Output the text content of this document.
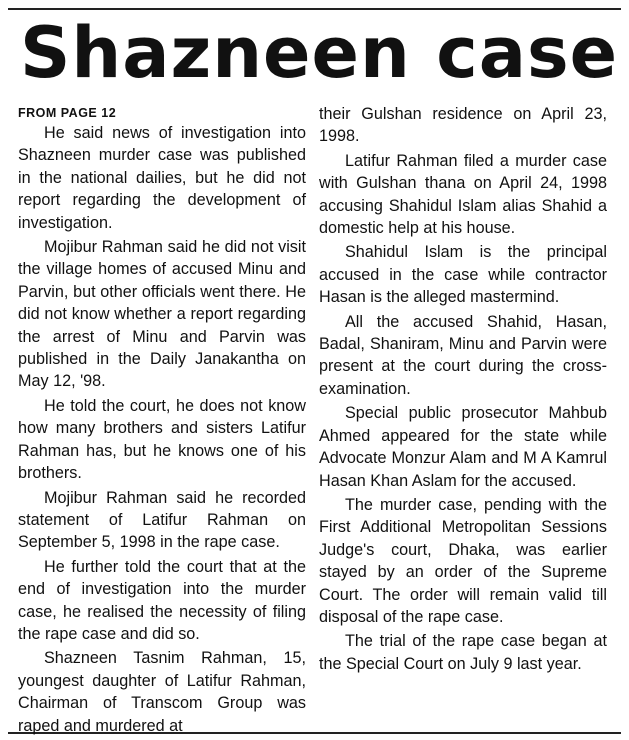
Shazneen case
FROM PAGE 12

He said news of investigation into Shazneen murder case was published in the national dailies, but he did not report regarding the development of investigation.

Mojibur Rahman said he did not visit the village homes of accused Minu and Parvin, but other officials went there. He did not know whether a report regarding the arrest of Minu and Parvin was published in the Daily Janakantha on May 12, '98.

He told the court, he does not know how many brothers and sisters Latifur Rahman has, but he knows one of his brothers.

Mojibur Rahman said he recorded statement of Latifur Rahman on September 5, 1998 in the rape case.

He further told the court that at the end of investigation into the murder case, he realised the necessity of filing the rape case and did so.

Shazneen Tasnim Rahman, 15, youngest daughter of Latifur Rahman, Chairman of Transcom Group was raped and murdered at

their Gulshan residence on April 23, 1998.

Latifur Rahman filed a murder case with Gulshan thana on April 24, 1998 accusing Shahidul Islam alias Shahid a domestic help at his house.

Shahidul Islam is the principal accused in the case while contractor Hasan is the alleged mastermind.

All the accused Shahid, Hasan, Badal, Shaniram, Minu and Parvin were present at the court during the cross-examination.

Special public prosecutor Mahbub Ahmed appeared for the state while Advocate Monzur Alam and M A Kamrul Hasan Khan Aslam for the accused.

The murder case, pending with the First Additional Metropolitan Sessions Judge's court, Dhaka, was earlier stayed by an order of the Supreme Court. The order will remain valid till disposal of the rape case.

The trial of the rape case began at the Special Court on July 9 last year.
